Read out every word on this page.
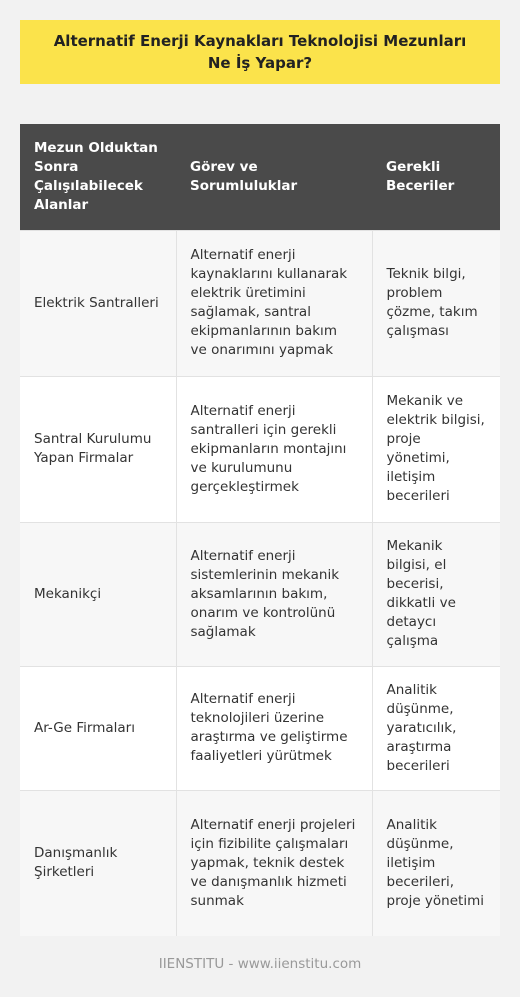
Alternatif Enerji Kaynakları Teknolojisi Mezunları Ne İş Yapar?
Mezun Olduktan Sonra Çalışılabilecek Alanlar	Görev ve Sorumluluklar	Gerekli Beceriler
Elektrik Santralleri	Alternatif enerji kaynaklarını kullanarak elektrik üretimini sağlamak, santral ekipmanlarının bakım ve onarımını yapmak	Teknik bilgi, problem çözme, takım çalışması
Santral Kurulumu Yapan Firmalar	Alternatif enerji santralleri için gerekli ekipmanların montajını ve kurulumunu gerçekleştirmek	Mekanik ve elektrik bilgisi, proje yönetimi, iletişim becerileri
Mekanikçi	Alternatif enerji sistemlerinin mekanik aksamlarının bakım, onarım ve kontrolünü sağlamak	Mekanik bilgisi, el becerisi, dikkatli ve detaycı çalışma
Ar-Ge Firmaları	Alternatif enerji teknolojileri üzerine araştırma ve geliştirme faaliyetleri yürütmek	Analitik düşünme, yaratıcılık, araştırma becerileri
Danışmanlık Şirketleri	Alternatif enerji projeleri için fizibilite çalışmaları yapmak, teknik destek ve danışmanlık hizmeti sunmak	Analitik düşünme, iletişim becerileri, proje yönetimi
IIENSTITU - www.iienstitu.com
